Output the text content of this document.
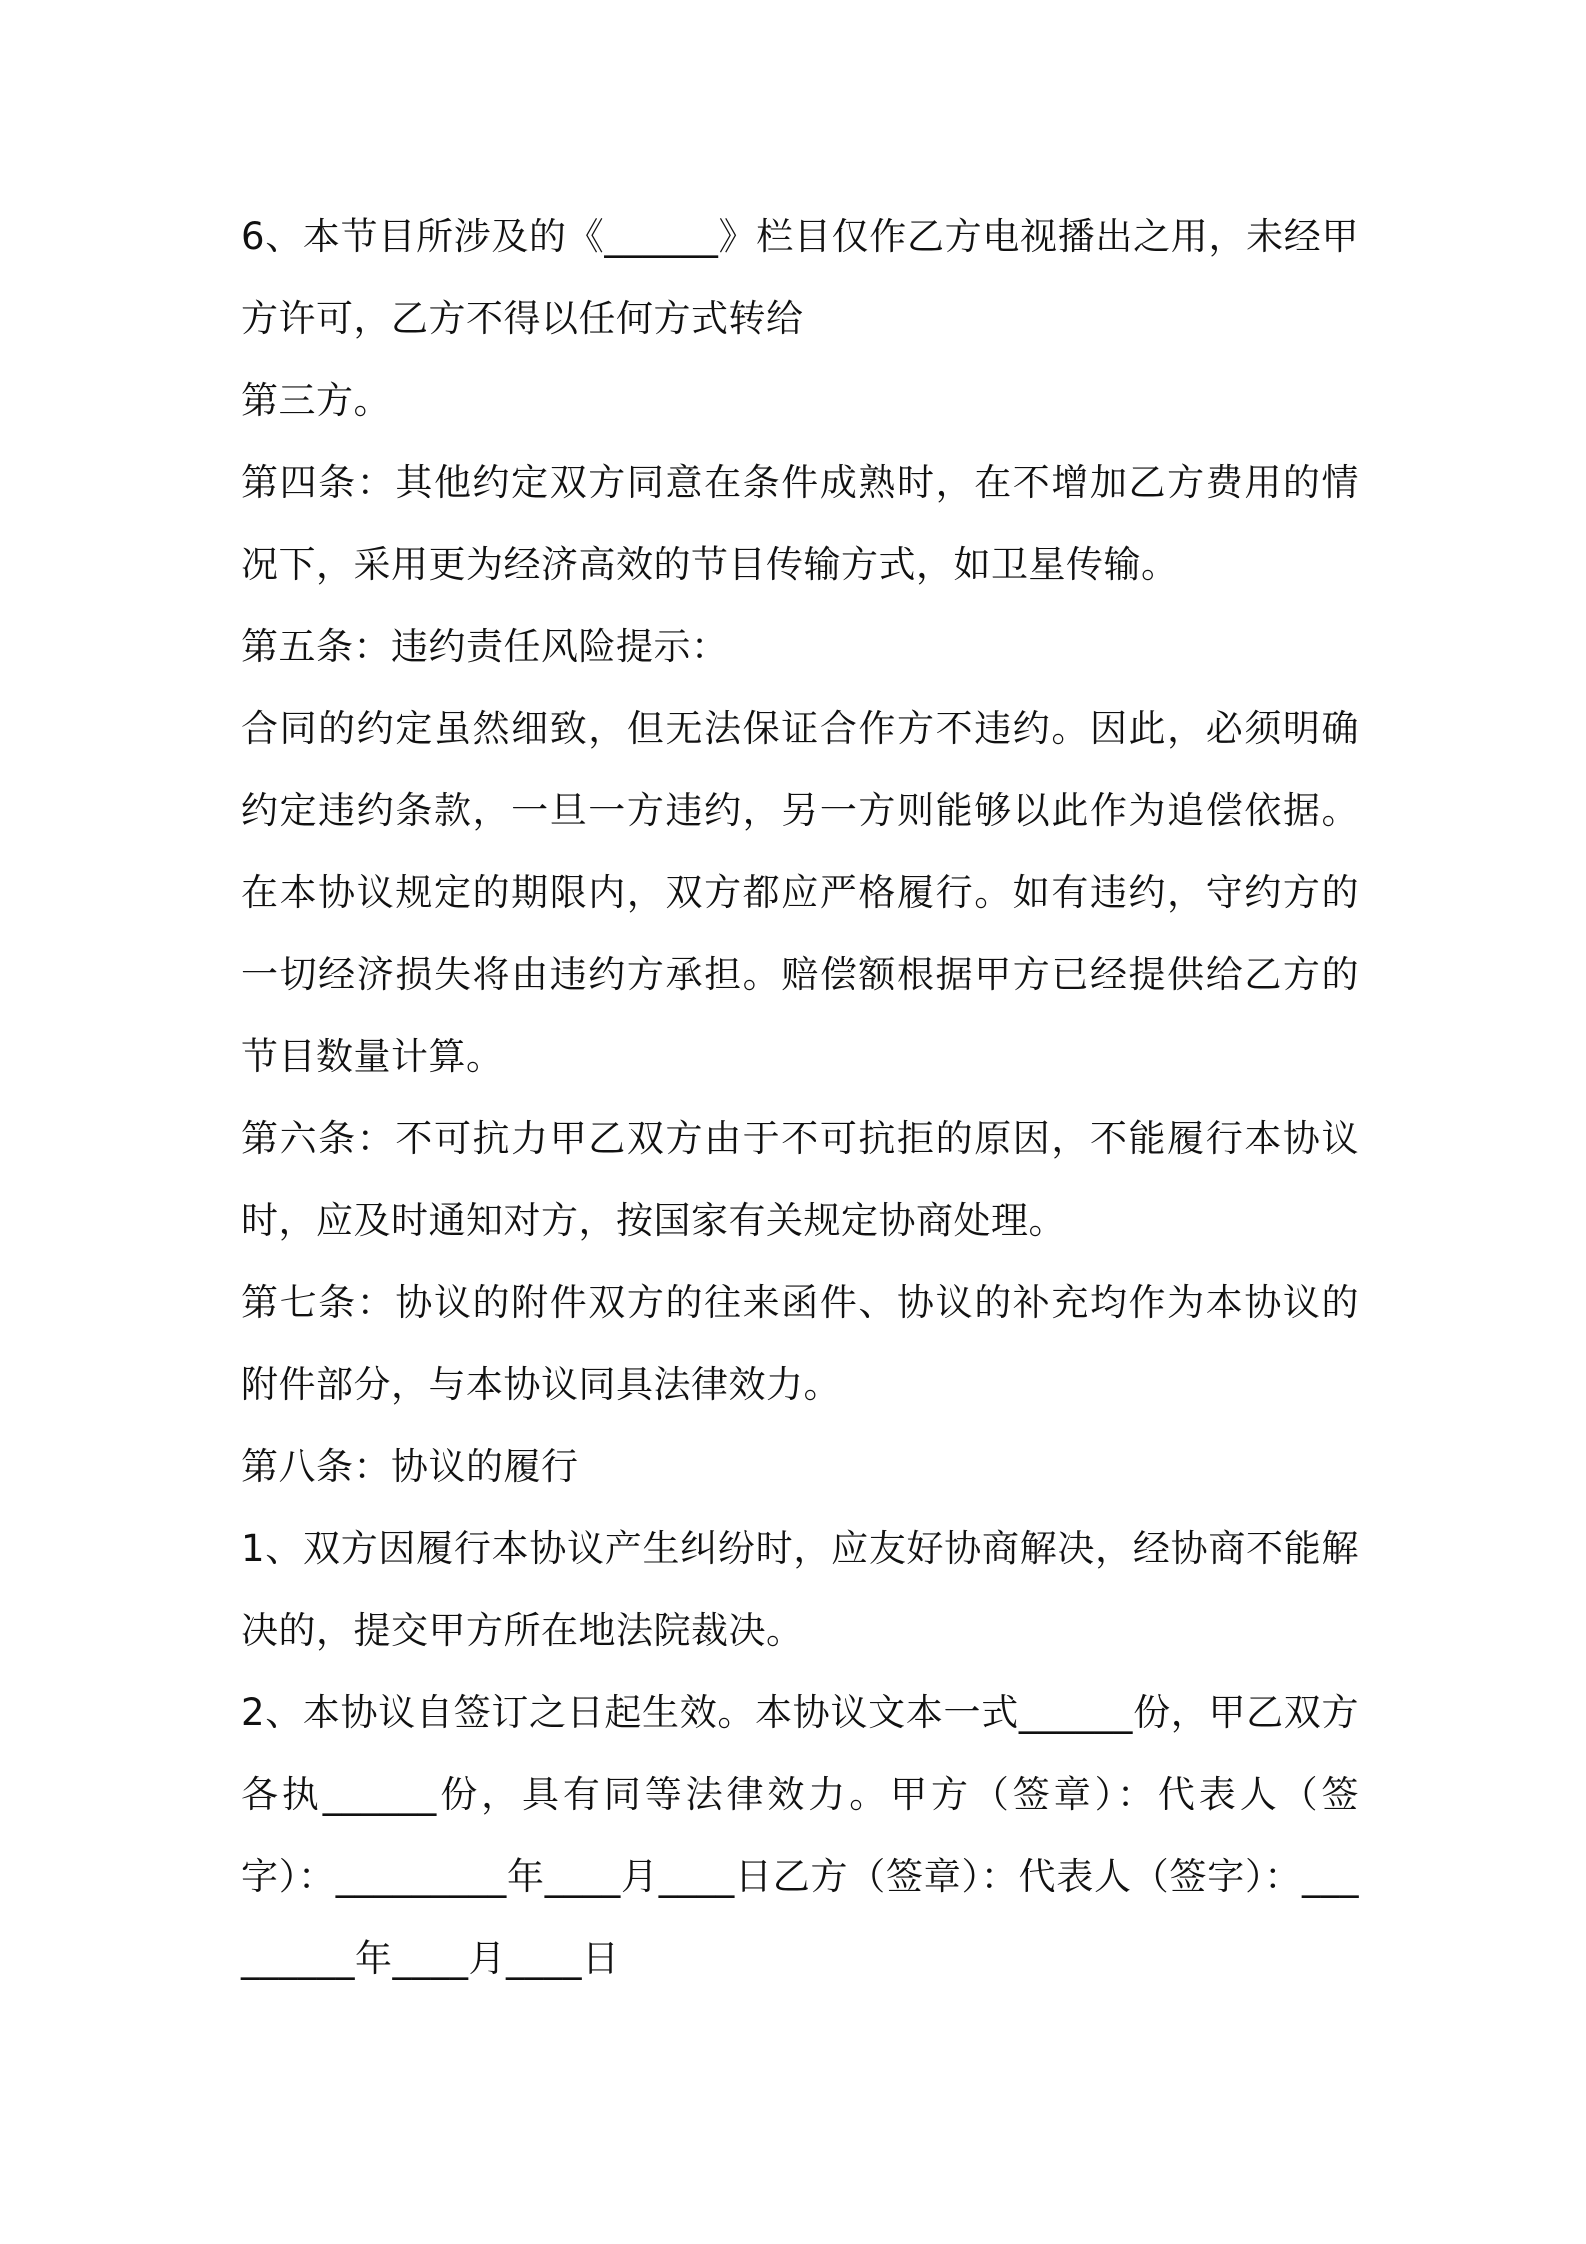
6、本节目所涉及的《______》栏目仅作乙方电视播出之用，未经甲方许可，乙方不得以任何方式转给

第三方。

第四条：其他约定双方同意在条件成熟时，在不增加乙方费用的情况下，采用更为经济高效的节目传输方式，如卫星传输。

第五条：违约责任风险提示：

合同的约定虽然细致，但无法保证合作方不违约。因此，必须明确约定违约条款，一旦一方违约，另一方则能够以此作为追偿依据。  在本协议规定的期限内，双方都应严格履行。如有违约，守约方的一切经济损失将由违约方承担。赔偿额根据甲方已经提供给乙方的节目数量计算。

第六条：不可抗力甲乙双方由于不可抗拒的原因，不能履行本协议时，应及时通知对方，按国家有关规定协商处理。

第七条：协议的附件双方的往来函件、协议的补充均作为本协议的附件部分，与本协议同具法律效力。

第八条：协议的履行

1、双方因履行本协议产生纠纷时，应友好协商解决，经协商不能解决的，提交甲方所在地法院裁决。

2、本协议自签订之日起生效。本协议文本一式______份，甲乙双方各执______份，具有同等法律效力。甲方（签章）：代表人（签字）：_________年____月____日乙方（签章）：代表人（签字）：_________年____月____日
